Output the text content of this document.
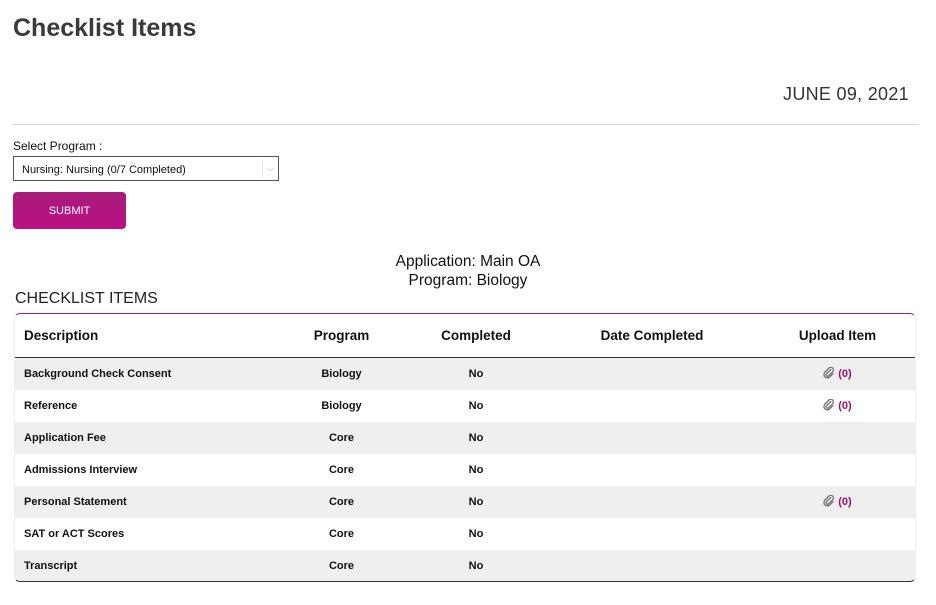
Checklist Items
JUNE 09, 2021
Select Program :
Nursing: Nursing (0/7 Completed)	⌵
SUBMIT
Application: Main OA
Program: Biology
CHECKLIST ITEMS
Description	Program	Completed	Date Completed	Upload Item
Background Check Consent	Biology	No		(0)
Reference	Biology	No		(0)
Application Fee	Core	No		
Admissions Interview	Core	No		
Personal Statement	Core	No		(0)
SAT or ACT Scores	Core	No		
Transcript	Core	No		
